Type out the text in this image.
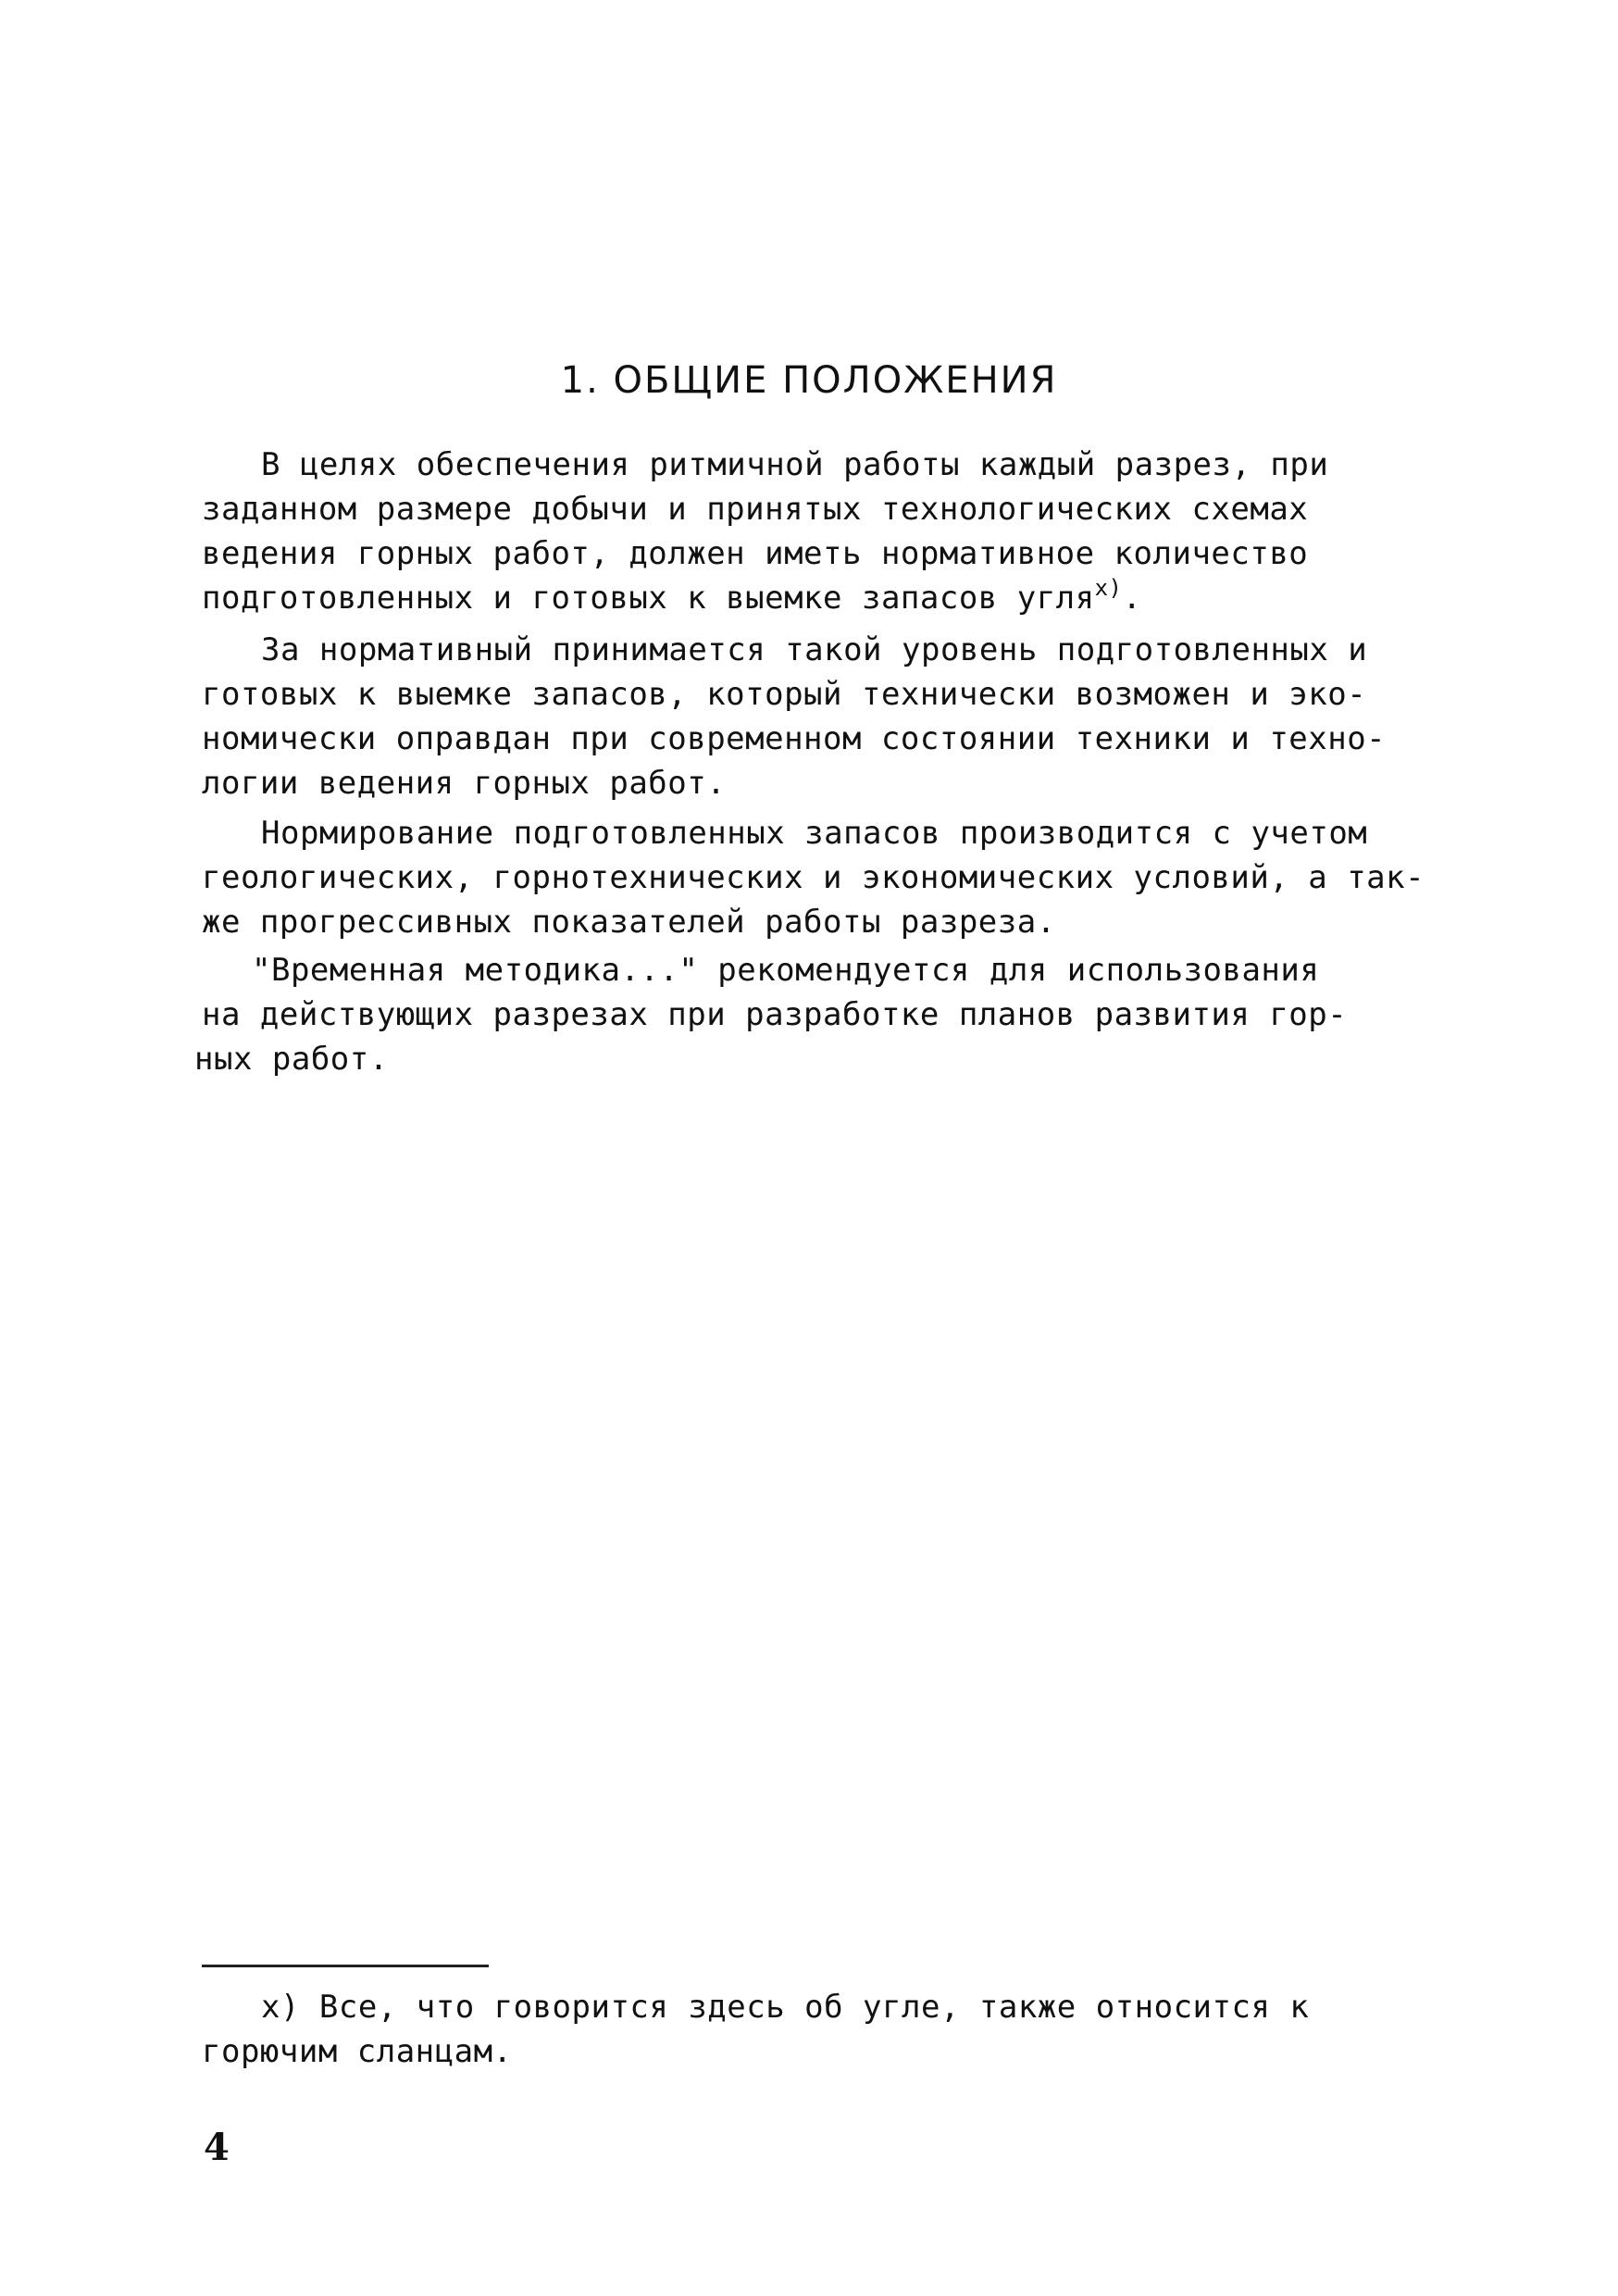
1. ОБЩИЕ ПОЛОЖЕНИЯ
В целях обеспечения ритмичной работы каждый разрез, при
заданном размере добычи и принятых технологических схемах
ведения горных работ, должен иметь нормативное количество
подготовленных и готовых к выемке запасов угля$^{х)}$.
За нормативный принимается такой уровень подготовленных и
готовых к выемке запасов, который технически возможен и эко-
номически оправдан при современном состоянии техники и техно-
логии ведения горных работ.
Нормирование подготовленных запасов производится с учетом
геологических, горнотехнических и экономических условий, а так-
же прогрессивных показателей работы разреза.
"Временная методика..." рекомендуется для использования
на действующих разрезах при разработке планов развития гор-
ных работ.
х) Все, что говорится здесь об угле, также относится к
горючим сланцам.
4
